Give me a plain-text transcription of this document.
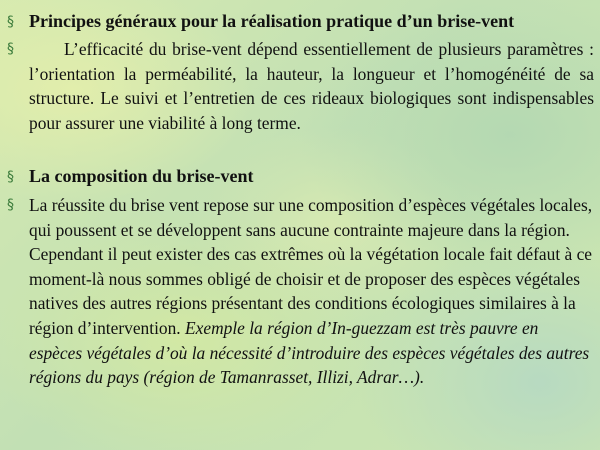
§ Principes généraux pour la réalisation pratique d’un brise-vent
§	L’efficacité du brise-vent dépend essentiellement de plusieurs paramètres : l’orientation la perméabilité, la hauteur, la longueur et l’homogénéité de sa structure. Le suivi et l’entretien de ces rideaux biologiques sont indispensables pour assurer une viabilité à long terme.
§ La composition du brise-vent
§ La réussite du brise vent repose sur une composition d’espèces végétales locales, qui poussent et se développent sans aucune contrainte majeure dans la région. Cependant il peut exister des cas extrêmes où la végétation locale fait défaut à ce moment-là nous sommes obligé de choisir et de proposer des espèces végétales natives des autres régions présentant des conditions écologiques similaires à la région d’intervention. Exemple la région d’In-guezzam est très pauvre en espèces végétales d’où la nécessité d’introduire des espèces végétales des autres régions du pays (région de Tamanrasset, Illizi, Adrar…).
